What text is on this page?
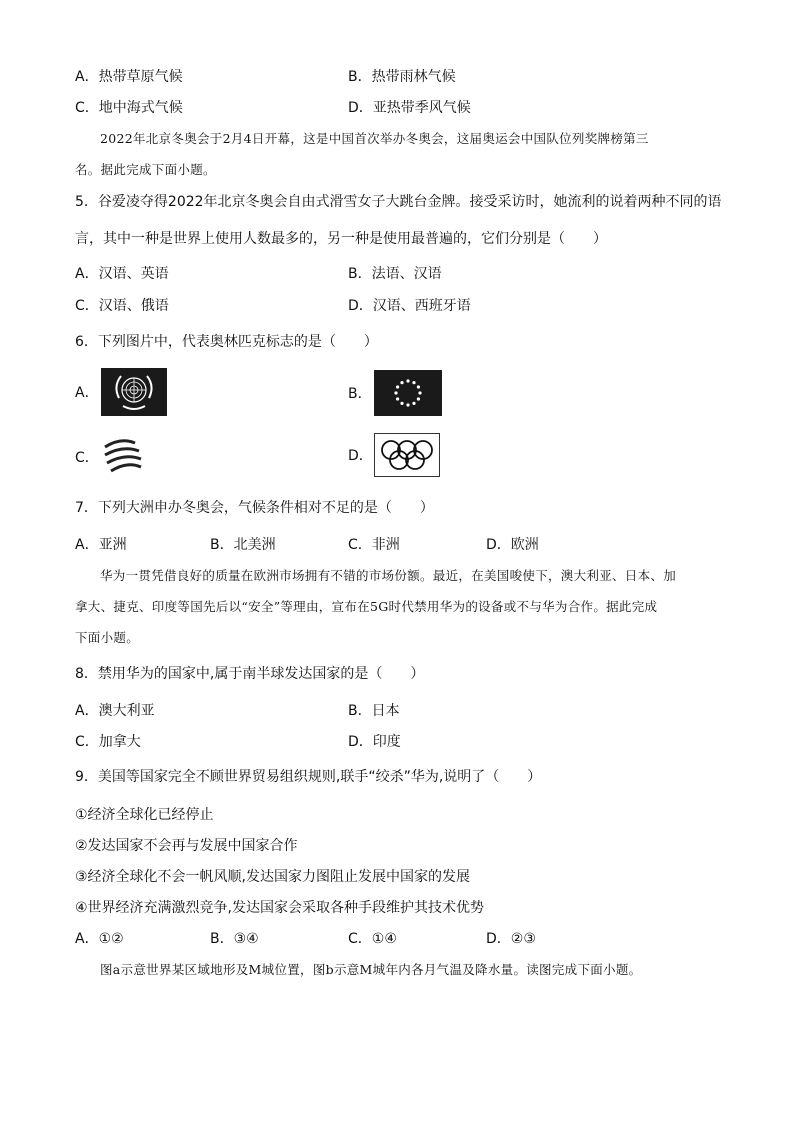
A．热带草原气候	B．热带雨林气候
C．地中海式气候	D．亚热带季风气候
2022年北京冬奥会于2月4日开幕，这是中国首次举办冬奥会，这届奥运会中国队位列奖牌榜第三
名。据此完成下面小题。
5．谷爱凌夺得2022年北京冬奥会自由式滑雪女子大跳台金牌。接受采访时，她流利的说着两种不同的语
言，其中一种是世界上使用人数最多的，另一种是使用最普遍的，它们分别是（　　）
A．汉语、英语	B．法语、汉语
C．汉语、俄语	D．汉语、西班牙语
6．下列图片中，代表奥林匹克标志的是（　　）
A．	B．
C．	D．
7．下列大洲申办冬奥会，气候条件相对不足的是（　　）
A．亚洲	B．北美洲	C．非洲	D．欧洲
华为一贯凭借良好的质量在欧洲市场拥有不错的市场份额。最近，在美国唆使下，澳大利亚、日本、加
拿大、捷克、印度等国先后以“安全”等理由，宣布在5G时代禁用华为的设备或不与华为合作。据此完成
下面小题。
8．禁用华为的国家中,属于南半球发达国家的是（　　）
A．澳大利亚	B．日本
C．加拿大	D．印度
9．美国等国家完全不顾世界贸易组织规则,联手“绞杀”华为,说明了（　　）
①经济全球化已经停止
②发达国家不会再与发展中国家合作
③经济全球化不会一帆风顺,发达国家力图阻止发展中国家的发展
④世界经济充满激烈竞争,发达国家会采取各种手段维护其技术优势
A．①②	B．③④	C．①④	D．②③
图a示意世界某区域地形及M城位置，图b示意M城年内各月气温及降水量。读图完成下面小题。
